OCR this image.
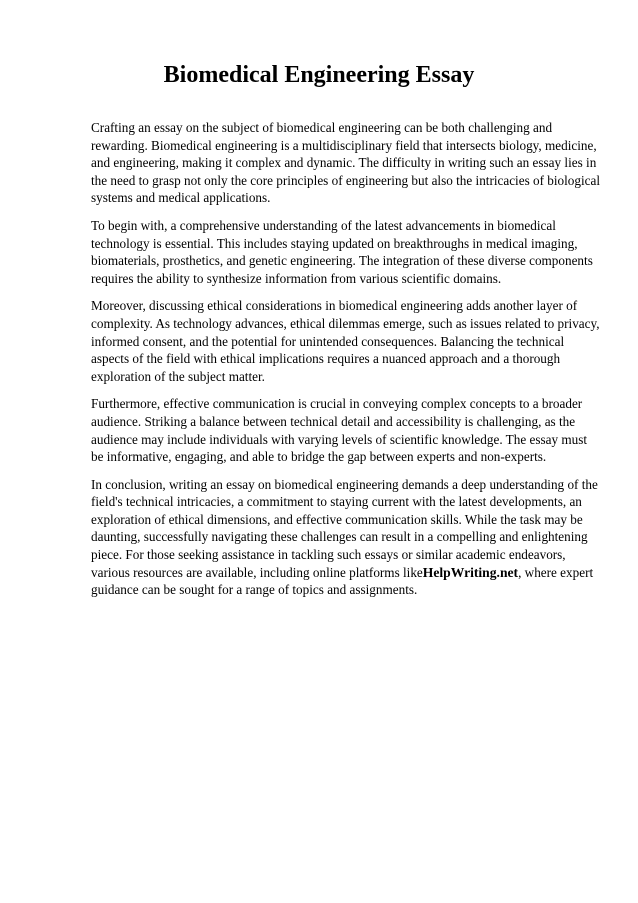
Biomedical Engineering Essay

Crafting an essay on the subject of biomedical engineering can be both challenging and rewarding. Biomedical engineering is a multidisciplinary field that intersects biology, medicine, and engineering, making it complex and dynamic. The difficulty in writing such an essay lies in the need to grasp not only the core principles of engineering but also the intricacies of biological systems and medical applications.

To begin with, a comprehensive understanding of the latest advancements in biomedical technology is essential. This includes staying updated on breakthroughs in medical imaging, biomaterials, prosthetics, and genetic engineering. The integration of these diverse components requires the ability to synthesize information from various scientific domains.

Moreover, discussing ethical considerations in biomedical engineering adds another layer of complexity. As technology advances, ethical dilemmas emerge, such as issues related to privacy, informed consent, and the potential for unintended consequences. Balancing the technical aspects of the field with ethical implications requires a nuanced approach and a thorough exploration of the subject matter.

Furthermore, effective communication is crucial in conveying complex concepts to a broader audience. Striking a balance between technical detail and accessibility is challenging, as the audience may include individuals with varying levels of scientific knowledge. The essay must be informative, engaging, and able to bridge the gap between experts and non-experts.

In conclusion, writing an essay on biomedical engineering demands a deep understanding of the field's technical intricacies, a commitment to staying current with the latest developments, an exploration of ethical dimensions, and effective communication skills. While the task may be daunting, successfully navigating these challenges can result in a compelling and enlightening piece. For those seeking assistance in tackling such essays or similar academic endeavors, various resources are available, including online platforms likeHelpWriting.net, where expert guidance can be sought for a range of topics and assignments.
